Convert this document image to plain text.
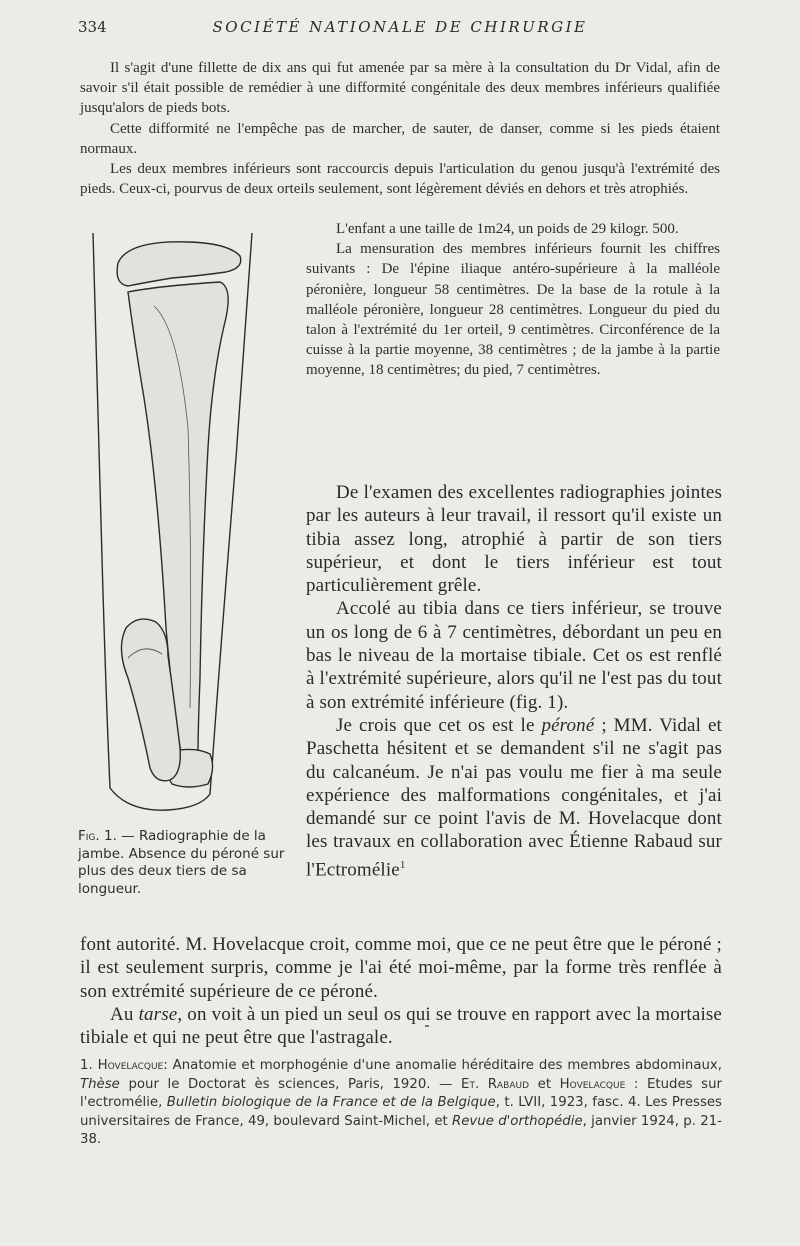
334	SOCIÉTÉ NATIONALE DE CHIRURGIE

Il s'agit d'une fillette de dix ans qui fut amenée par sa mère à la consultation du Dr Vidal, afin de savoir s'il était possible de remédier à une difformité congénitale des deux membres inférieurs qualifiée jusqu'alors de pieds bots.

Cette difformité ne l'empêche pas de marcher, de sauter, de danser, comme si les pieds étaient normaux.

Les deux membres inférieurs sont raccourcis depuis l'articulation du genou jusqu'à l'extrémité des pieds. Ceux-ci, pourvus de deux orteils seulement, sont légèrement déviés en dehors et très atrophiés.

L'enfant a une taille de 1m24, un poids de 29 kilogr. 500.

La mensuration des membres inférieurs fournit les chiffres suivants : De l'épine iliaque antéro-supérieure à la malléole péronière, longueur 58 centimètres. De la base de la rotule à la malléole péronière, longueur 28 centimètres. Longueur du pied du talon à l'extrémité du 1er orteil, 9 centimètres. Circonférence de la cuisse à la partie moyenne, 38 centimètres ; de la jambe à la partie moyenne, 18 centimètres; du pied, 7 centimètres.

De l'examen des excellentes radiographies jointes par les auteurs à leur travail, il ressort qu'il existe un tibia assez long, atrophié à partir de son tiers supérieur, et dont le tiers inférieur est tout particulièrement grêle.

Accolé au tibia dans ce tiers inférieur, se trouve un os long de 6 à 7 centimètres, débordant un peu en bas le niveau de la mortaise tibiale. Cet os est renflé à l'extrémité supérieure, alors qu'il ne l'est pas du tout à son extrémité inférieure (fig. 1).

Je crois que cet os est le péroné ; MM. Vidal et Paschetta hésitent et se demandent s'il ne s'agit pas du calcanéum. Je n'ai pas voulu me fier à ma seule expérience des malformations congénitales, et j'ai demandé sur ce point l'avis de M. Hovelacque dont les travaux en collaboration avec Étienne Rabaud sur l'Ectromélie$^1$

font autorité. M. Hovelacque croit, comme moi, que ce ne peut être que le péroné ; il est seulement surpris, comme je l'ai été moi-même, par la forme très renflée à son extrémité supérieure de ce péroné.

Au tarse, on voit à un pied un seul os qui se trouve en rapport avec la mortaise tibiale et qui ne peut être que l'astragale.

Fig. 1. — Radiographie de la jambe. Absence du péroné sur plus des deux tiers de sa longueur.
1. Hovelacque: Anatomie et morphogénie d'une anomalie héréditaire des membres abdominaux, Thèse pour le Doctorat ès sciences, Paris, 1920. — Et. Rabaud et Hovelacque : Etudes sur l'ectromélie, Bulletin biologique de la France et de la Belgique, t. LVII, 1923, fasc. 4. Les Presses universitaires de France, 49, boulevard Saint-Michel, et Revue d'orthopédie, janvier 1924, p. 21-38.
